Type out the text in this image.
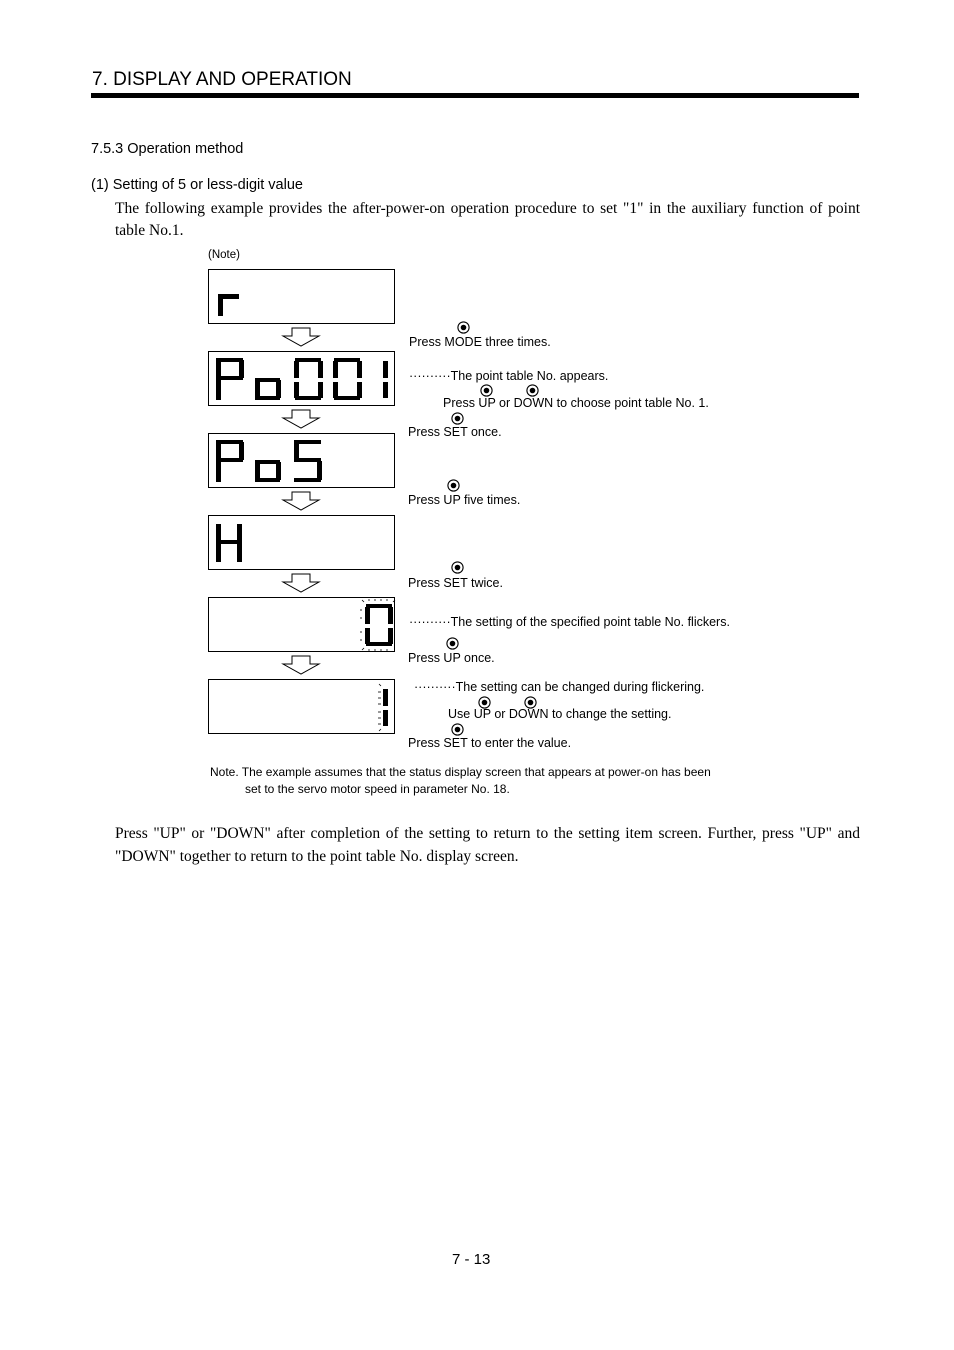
7. DISPLAY AND OPERATION
7.5.3 Operation method
(1) Setting of 5 or less-digit value
The following example provides the after-power-on operation procedure to set "1" in the auxiliary function of point table No.1.
(Note)
Press MODE three times.
··········The point table No. appears.
Press UP or DOWN to choose point table No. 1.
Press SET once.
Press UP five times.
Press SET twice.
··········The setting of the specified point table No. flickers.
Press UP once.
··········The setting can be changed during flickering.
Use UP or DOWN to change the setting.
Press SET to enter the value.
Note. The example assumes that the status display screen that appears at power-on has been
set to the servo motor speed in parameter No. 18.
Press "UP" or "DOWN" after completion of the setting to return to the setting item screen. Further, press "UP" and "DOWN" together to return to the point table No. display screen.
7 - 13
